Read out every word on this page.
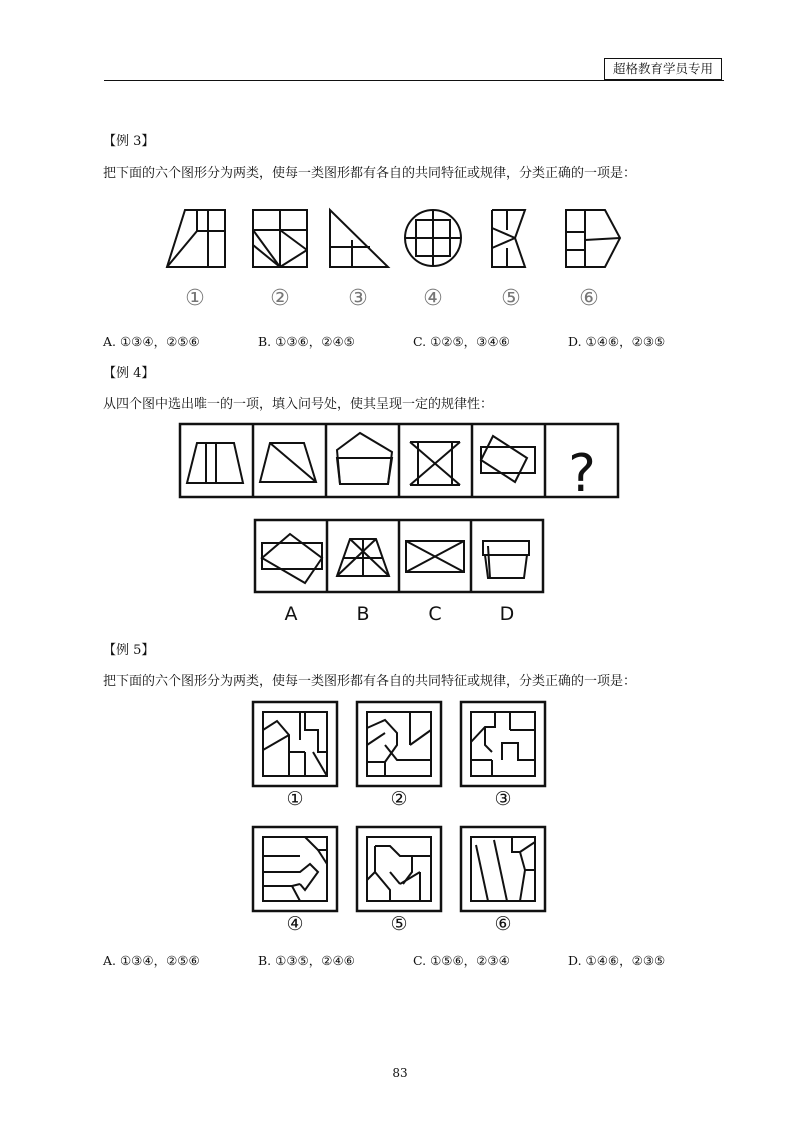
超格教育学员专用
【例 3】
把下面的六个图形分为两类，使每一类图形都有各自的共同特征或规律，分类正确的一项是：
①	②	③	④	⑤	⑥
A. ①③④，②⑤⑥	B. ①③⑥，②④⑤	C. ①②⑤，③④⑥	D. ①④⑥，②③⑤
【例 4】
从四个图中选出唯一的一项，填入问号处，使其呈现一定的规律性：
?
A	B	C	D
【例 5】
把下面的六个图形分为两类，使每一类图形都有各自的共同特征或规律，分类正确的一项是：
①	②	③
④	⑤	⑥
A. ①③④，②⑤⑥	B. ①③⑤，②④⑥	C. ①⑤⑥，②③④	D. ①④⑥，②③⑤
83
